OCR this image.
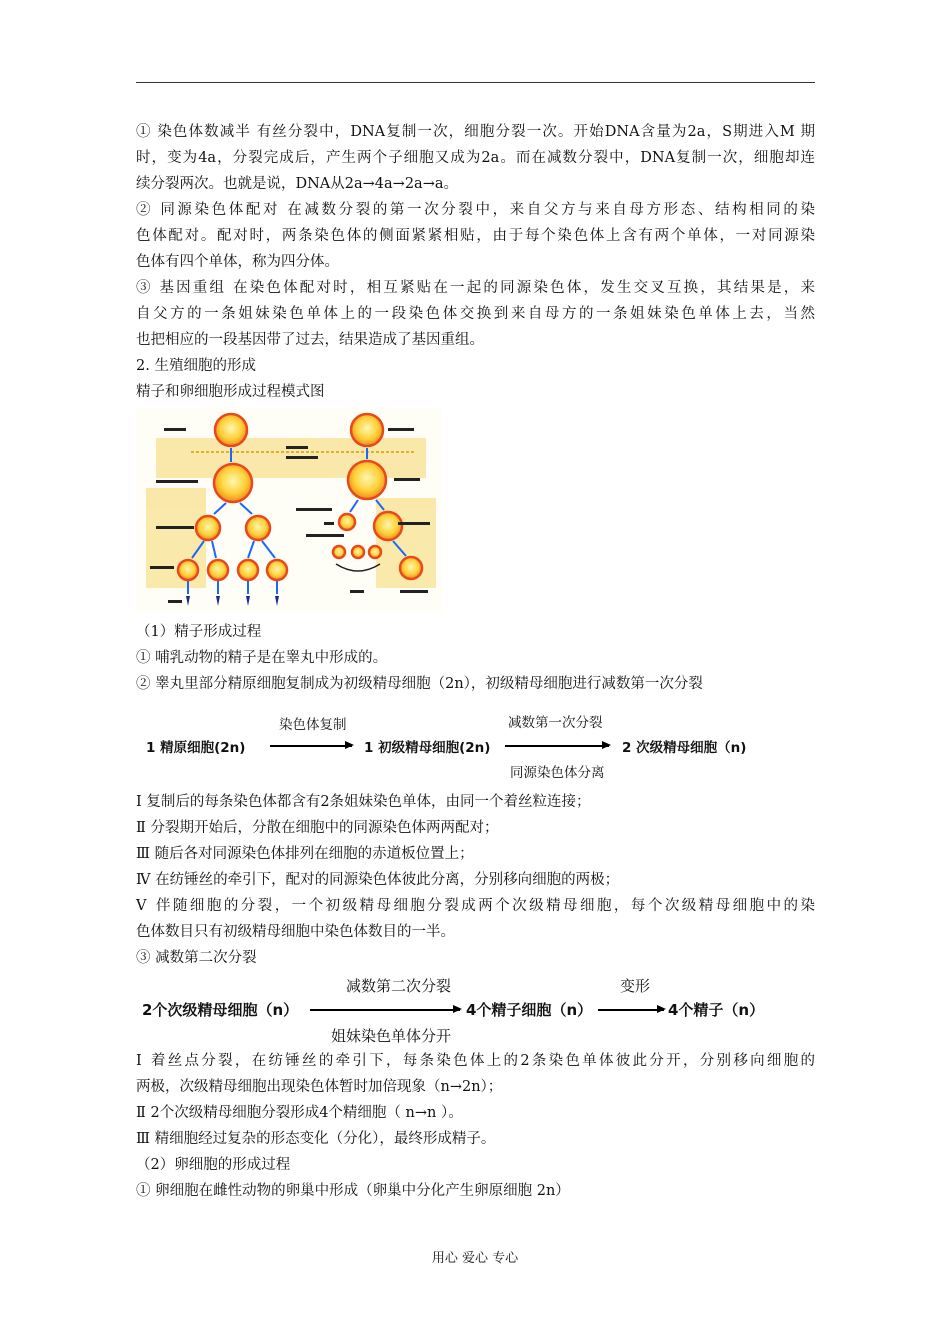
① 染色体数减半 有丝分裂中，DNA复制一次，细胞分裂一次。开始DNA含量为2a，S期进入M 期
时，变为4a，分裂完成后，产生两个子细胞又成为2a。而在减数分裂中，DNA复制一次，细胞却连
续分裂两次。也就是说，DNA从2a→4a→2a→a。
② 同源染色体配对 在减数分裂的第一次分裂中，来自父方与来自母方形态、结构相同的染
色体配对。配对时，两条染色体的侧面紧紧相贴，由于每个染色体上含有两个单体，一对同源染
色体有四个单体，称为四分体。
③ 基因重组 在染色体配对时，相互紧贴在一起的同源染色体，发生交叉互换，其结果是，来
自父方的一条姐妹染色单体上的一段染色体交换到来自母方的一条姐妹染色单体上去，当然
也把相应的一段基因带了过去，结果造成了基因重组。
2. 生殖细胞的形成
精子和卵细胞形成过程模式图
（1）精子形成过程
① 哺乳动物的精子是在睾丸中形成的。
② 睾丸里部分精原细胞复制成为初级精母细胞（2n），初级精母细胞进行减数第一次分裂
1 精原细胞(2n)
染色体复制
1 初级精母细胞(2n)
减数第一次分裂
同源染色体分离
2 次级精母细胞（n)
Ⅰ 复制后的每条染色体都含有2条姐妹染色单体，由同一个着丝粒连接；
Ⅱ 分裂期开始后，分散在细胞中的同源染色体两两配对；
Ⅲ 随后各对同源染色体排列在细胞的赤道板位置上；
Ⅳ 在纺锤丝的牵引下，配对的同源染色体彼此分离，分别移向细胞的两极；
Ⅴ 伴随细胞的分裂，一个初级精母细胞分裂成两个次级精母细胞，每个次级精母细胞中的染
色体数目只有初级精母细胞中染色体数目的一半。
③ 减数第二次分裂
2个次级精母细胞（n）
减数第二次分裂
姐妹染色单体分开
4个精子细胞（n）
变形
4个精子（n）
Ⅰ 着丝点分裂，在纺锤丝的牵引下，每条染色体上的2条染色单体彼此分开，分别移向细胞的
两极，次级精母细胞出现染色体暂时加倍现象（n→2n）；
Ⅱ 2个次级精母细胞分裂形成4个精细胞（ n→n ）。
Ⅲ 精细胞经过复杂的形态变化（分化），最终形成精子。
（2）卵细胞的形成过程
① 卵细胞在雌性动物的卵巢中形成（卵巢中分化产生卵原细胞 2n）
用心 爱心 专心
